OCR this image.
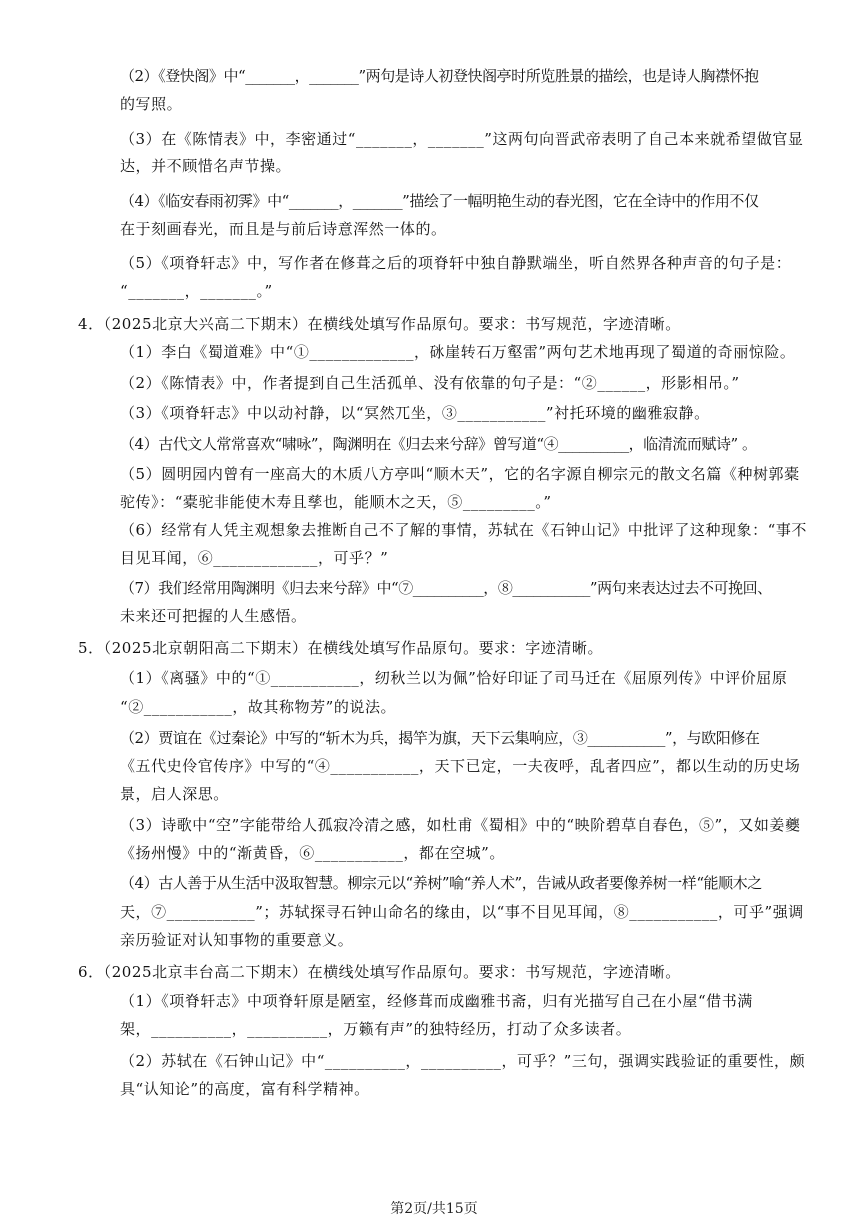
（2）《登快阁》中“_______，_______”两句是诗人初登快阁亭时所览胜景的描绘，也是诗人胸襟怀抱
的写照。
（3）在《陈情表》中，李密通过“_______，_______”这两句向晋武帝表明了自己本来就希望做官显
达，并不顾惜名声节操。
（4）《临安春雨初霁》中“_______，_______”描绘了一幅明艳生动的春光图，它在全诗中的作用不仅
在于刻画春光，而且是与前后诗意浑然一体的。
（5）《项脊轩志》中，写作者在修葺之后的项脊轩中独自静默端坐，听自然界各种声音的句子是：
“_______，_______。”
4．（2025北京大兴高二下期末）在横线处填写作品原句。要求：书写规范，字迹清晰。
（1）李白《蜀道难》中“①_____________，砯崖转石万壑雷”两句艺术地再现了蜀道的奇丽惊险。
（2）《陈情表》中，作者提到自己生活孤单、没有依靠的句子是：“②______，形影相吊。”
（3）《项脊轩志》中以动衬静，以“冥然兀坐，③___________”衬托环境的幽雅寂静。
（4）古代文人常常喜欢“啸咏”，陶渊明在《归去来兮辞》曾写道“④__________，临清流而赋诗” 。
（5）圆明园内曾有一座高大的木质八方亭叫“顺木天”，它的名字源自柳宗元的散文名篇《种树郭橐
驼传》：“橐驼非能使木寿且孳也，能顺木之天，⑤_________。”
（6）经常有人凭主观想象去推断自己不了解的事情，苏轼在《石钟山记》中批评了这种现象：“事不
目见耳闻，⑥_____________，可乎？”
（7）我们经常用陶渊明《归去来兮辞》中“⑦__________，⑧___________”两句来表达过去不可挽回、
未来还可把握的人生感悟。
5．（2025北京朝阳高二下期末）在横线处填写作品原句。要求：字迹清晰。
（1）《离骚》中的“①___________，纫秋兰以为佩”恰好印证了司马迁在《屈原列传》中评价屈原
“②___________，故其称物芳”的说法。
（2）贾谊在《过秦论》中写的“斩木为兵，揭竿为旗，天下云集响应，③___________”，与欧阳修在
《五代史伶官传序》中写的“④___________，天下已定，一夫夜呼，乱者四应”，都以生动的历史场
景，启人深思。
（3）诗歌中“空”字能带给人孤寂冷清之感，如杜甫《蜀相》中的“映阶碧草自春色，⑤”，又如姜夔
《扬州慢》中的“渐黄昏，⑥___________，都在空城”。
（4）古人善于从生活中汲取智慧。柳宗元以“养树”喻“养人术”，告诫从政者要像养树一样“能顺木之
天，⑦___________”；苏轼探寻石钟山命名的缘由，以“事不目见耳闻，⑧___________，可乎”强调
亲历验证对认知事物的重要意义。
6．（2025北京丰台高二下期末）在横线处填写作品原句。要求：书写规范，字迹清晰。
（1）《项脊轩志》中项脊轩原是陋室，经修葺而成幽雅书斋，归有光描写自己在小屋“借书满
架，__________，__________，万籁有声”的独特经历，打动了众多读者。
（2）苏轼在《石钟山记》中“__________，__________，可乎？”三句，强调实践验证的重要性，颇
具“认知论”的高度，富有科学精神。
第2页/共15页
